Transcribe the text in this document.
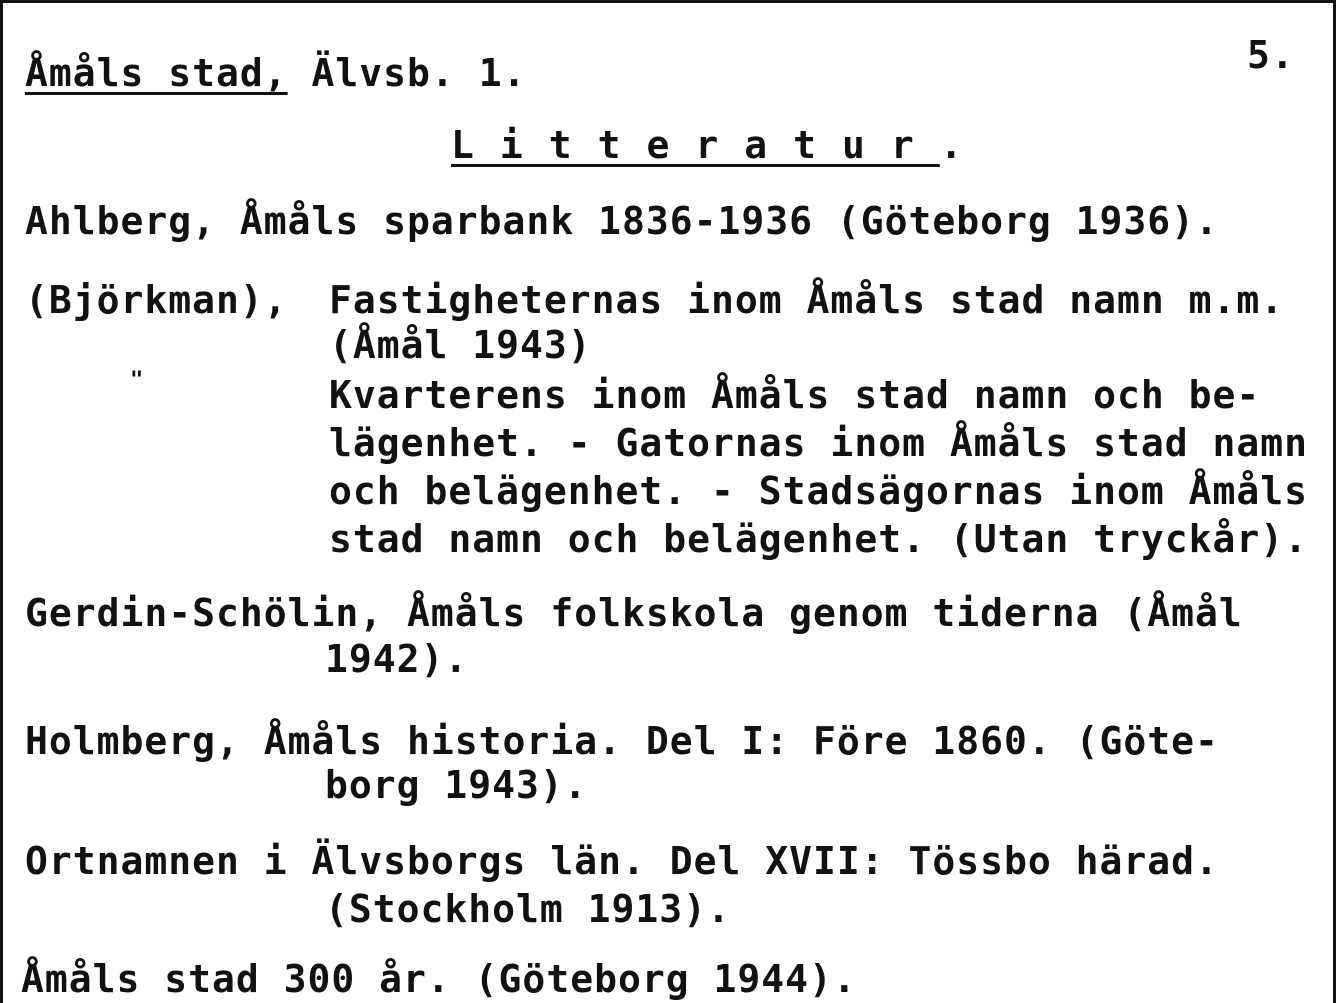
Åmåls stad, Älvsb. 1.	5.
Litteratur.
Ahlberg, Åmåls sparbank 1836-1936 (Göteborg 1936).
(Björkman), Fastigheternas inom Åmåls stad namn m.m.
(Åmål 1943)
"	Kvarterens inom Åmåls stad namn och be-
lägenhet. - Gatornas inom Åmåls stad namn
och belägenhet. - Stadsägornas inom Åmåls
stad namn och belägenhet. (Utan tryckår).
Gerdin-Schölin, Åmåls folkskola genom tiderna (Åmål
1942).
Holmberg, Åmåls historia. Del I: Före 1860. (Göte-
borg 1943).
Ortnamnen i Älvsborgs län. Del XVII: Tössbo härad.
(Stockholm 1913).
Åmåls stad 300 år. (Göteborg 1944).
